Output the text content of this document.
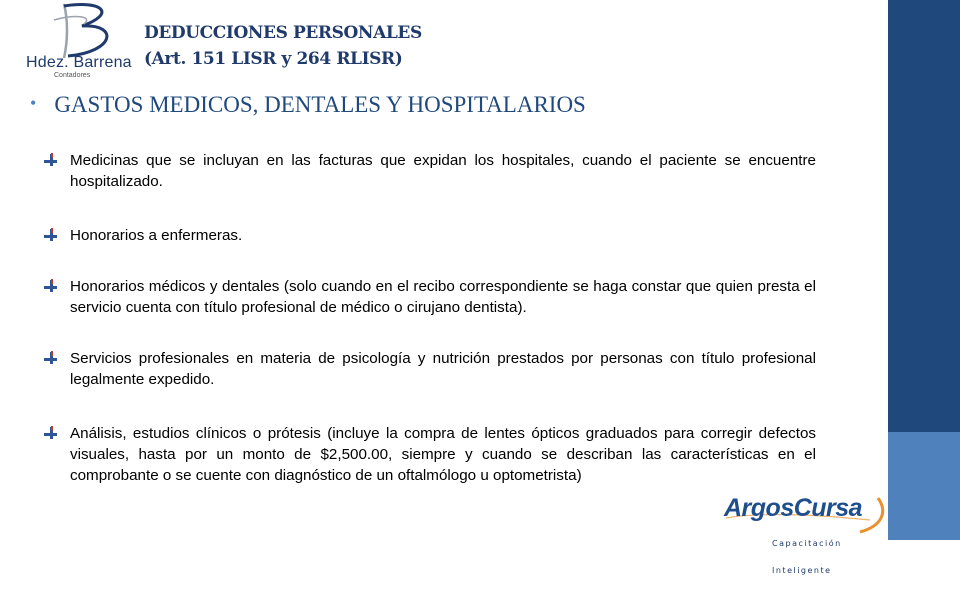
Hdez. Barrena
Contadores
DEDUCCIONES PERSONALES
(Art. 151 LISR y 264 RLISR)
• GASTOS MEDICOS, DENTALES Y HOSPITALARIOS
Medicinas que se incluyan en las facturas que expidan los hospitales, cuando el paciente se encuentre hospitalizado.
Honorarios a enfermeras.
Honorarios médicos y dentales (solo cuando en el recibo correspondiente se haga constar que quien presta el servicio cuenta con título profesional de médico o cirujano dentista).
Servicios profesionales en materia de psicología y nutrición prestados por personas con título profesional legalmente expedido.
Análisis, estudios clínicos o prótesis (incluye la compra de lentes ópticos graduados para corregir defectos visuales, hasta por un monto de $2,500.00, siempre y cuando se describan las características en el comprobante o se cuente con diagnóstico de un oftalmólogo u optometrista)
ArgosCursa

Capacitación

Inteligente
